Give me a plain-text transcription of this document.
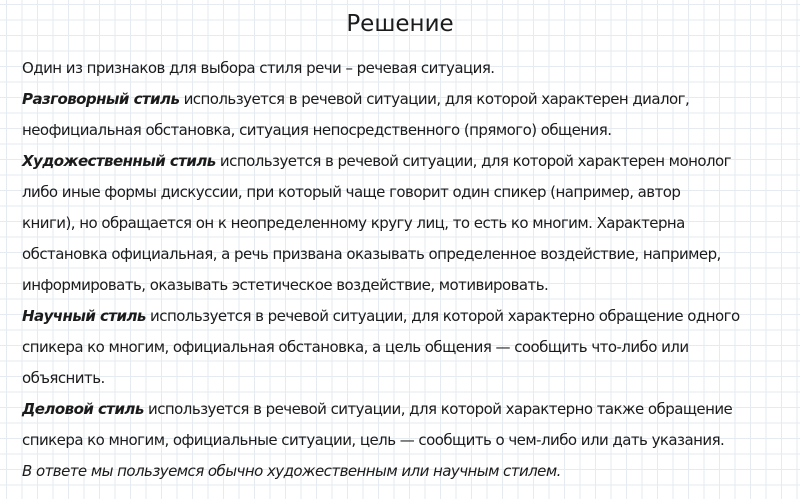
Решение
Один из признаков для выбора стиля речи – речевая ситуация.
Разговорный стиль используется в речевой ситуации, для которой характерен диалог,
неофициальная обстановка, ситуация непосредственного (прямого) общения.
Художественный стиль используется в речевой ситуации, для которой характерен монолог
либо иные формы дискуссии, при который чаще говорит один спикер (например, автор
книги), но обращается он к неопределенному кругу лиц, то есть ко многим. Характерна
обстановка официальная, а речь призвана оказывать определенное воздействие, например,
информировать, оказывать эстетическое воздействие, мотивировать.
Научный стиль используется в речевой ситуации, для которой характерно обращение одного
спикера ко многим, официальная обстановка, а цель общения — сообщить что-либо или
объяснить.
Деловой стиль используется в речевой ситуации, для которой характерно также обращение
спикера ко многим, официальные ситуации, цель — сообщить о чем-либо или дать указания.
В ответе мы пользуемся обычно художественным или научным стилем.
